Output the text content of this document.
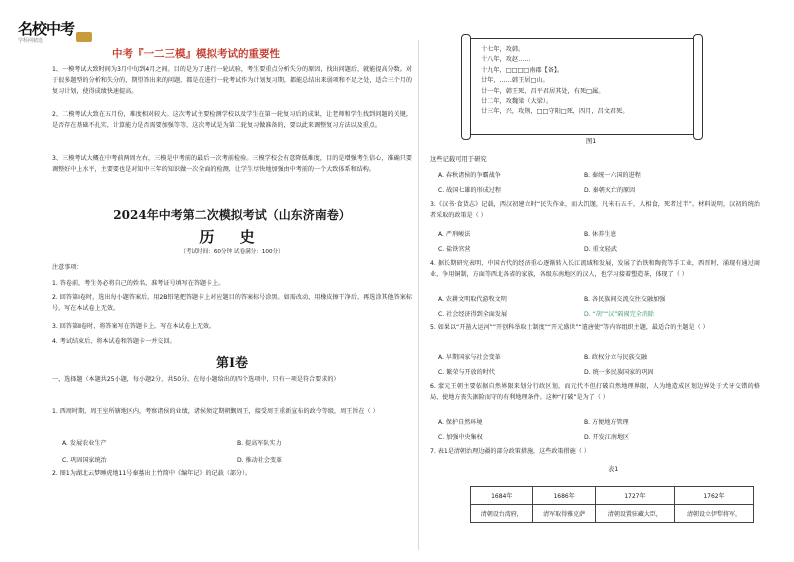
名校中考
学科网精选
中考『一二三模』模拟考试的重要性
1、一模考试大致时间为3月中旬到4月之间。目的是为了进行一轮试验，考生要重点分析失分的原因，找出问题后，就能提高分数。对于很多题型的分析和失分的，期望答出来的问题，都是在进行一轮考试作为计划复习期，都能总结出来弱项和不足之处，适合三个月的复习计划，使得成绩快速提高。
2、二模考试大致在五月份，难度相对较大。这次考试主要检测学校以及学生在第一轮复习后的成果，让老师和学生找到问题的关键，是否存在基础不扎实，计算能力是否需要加强等等，这次考试是为第二轮复习做准备的，要以此来调整复习方法以及重点。
3、三模考试大概在中考前两周左右，三模是中考前的最后一次考前检验。三模学校会有意降低难度，目的是增强考生信心，准确只要调整好中上水平，主要要也是对知中三年的知识做一次全面的检测，让学生尽快地加强由中考前的一个大致体系和结构。
2024年中考第二次模拟考试（山东济南卷）
历 史
（考试时间：60分钟 试卷满分：100分）
注意事项：
1. 答卷前，考生务必将自己的姓名、准考证号填写在答题卡上。
2. 回答第Ⅰ卷时，选出每小题答案后，用2B铅笔把答题卡上对应题目的答案标号涂黑。如需改动，用橡皮擦干净后，再选涂其他答案标号。写在本试卷上无效。
3. 回答第Ⅱ卷时，将答案写在答题卡上。写在本试卷上无效。
4. 考试结束后，将本试卷和答题卡一并交回。
第Ⅰ卷
一、选择题（本题共25小题，每小题2分，共50分。在每小题给出的四个选项中，只有一项是符合要求的）
1. 西周时期，周王室所辖地区内，考察诸侯的业绩，诸侯须定期朝觐周王，接受周王重新宣布的政令等级，周王旨在（ ）
A. 发展农业生产	B. 提高军队实力
C. 巩固国家统治	D. 推动社会变革
2. 图1为湖北云梦睡虎地11号秦墓出土竹简中《编年记》的记载（部分）。
十七年，攻韩。
十八年，攻赵……
十九年，□□□□南郡【备】。
廿年，……韩王居□山。
廿一年，韩王死，昌平君居其处，有死□属。
廿二年，攻魏梁（大梁）。
廿三年，兴，攻荆，□□守阳□死，四月，昌文君死。
图1
这些记载可用于研究
A. 春秋诸侯的争霸战争	B. 秦统一六国的进程
C. 战国七雄的形成过程	D. 秦朝灭亡的原因
3.《汉书·食货志》记载，西汉初建立时“民失作业，而大饥馑，凡米石五千，人相食，死者过半”。材料说明，汉初的统治者采取的政策是（ ）
A. 严刑峻法	B. 休养生息
C. 盐铁官营	D. 重文轻武
4. 据长期研究表明，中国古代的经济重心逐渐转入长江流域和发展，发展了治铁和陶瓷等手工业，西晋时，涌现有通过商业，争用铜制，方面等西北各省的家族，各级东南地区的汉人，也学习接着塑造茶，体现了（ ）
A. 农耕文明取代游牧文明	B. 各民族间交流交往交融加强
C. 社会经济得到全面发展	D. “胡”“汉”隔阂完全消除
5. 如果以“开凿大运河”“开创科举取士制度”“开元盛世”“遣唐使”等内容组织主题，最适合的主题是（ ）
A. 早期国家与社会变革	B. 政权分立与民族交融
C. 繁荣与开放的时代	D. 统一多民族国家的巩固
6. 蒙元王朝主要依据自然界限来划分行政区划，而元代不但打破自然地理界限，人为地造成区划边界处于犬牙交错的格局，使地方丧失据险而守的有利地理条件。这种“打破”是为了（ ）
A. 保护自然环境	B. 方便地方管理
C. 加强中央集权	D. 开发江南地区
7. 表1是清朝治理边疆的部分政策措施，这些政策措施（ ）
表1
1684年	1686年	1727年	1762年
清朝设台湾府，	清军取得雅克萨	清朝设置驻藏大臣，	清朝设立伊犁将军，
